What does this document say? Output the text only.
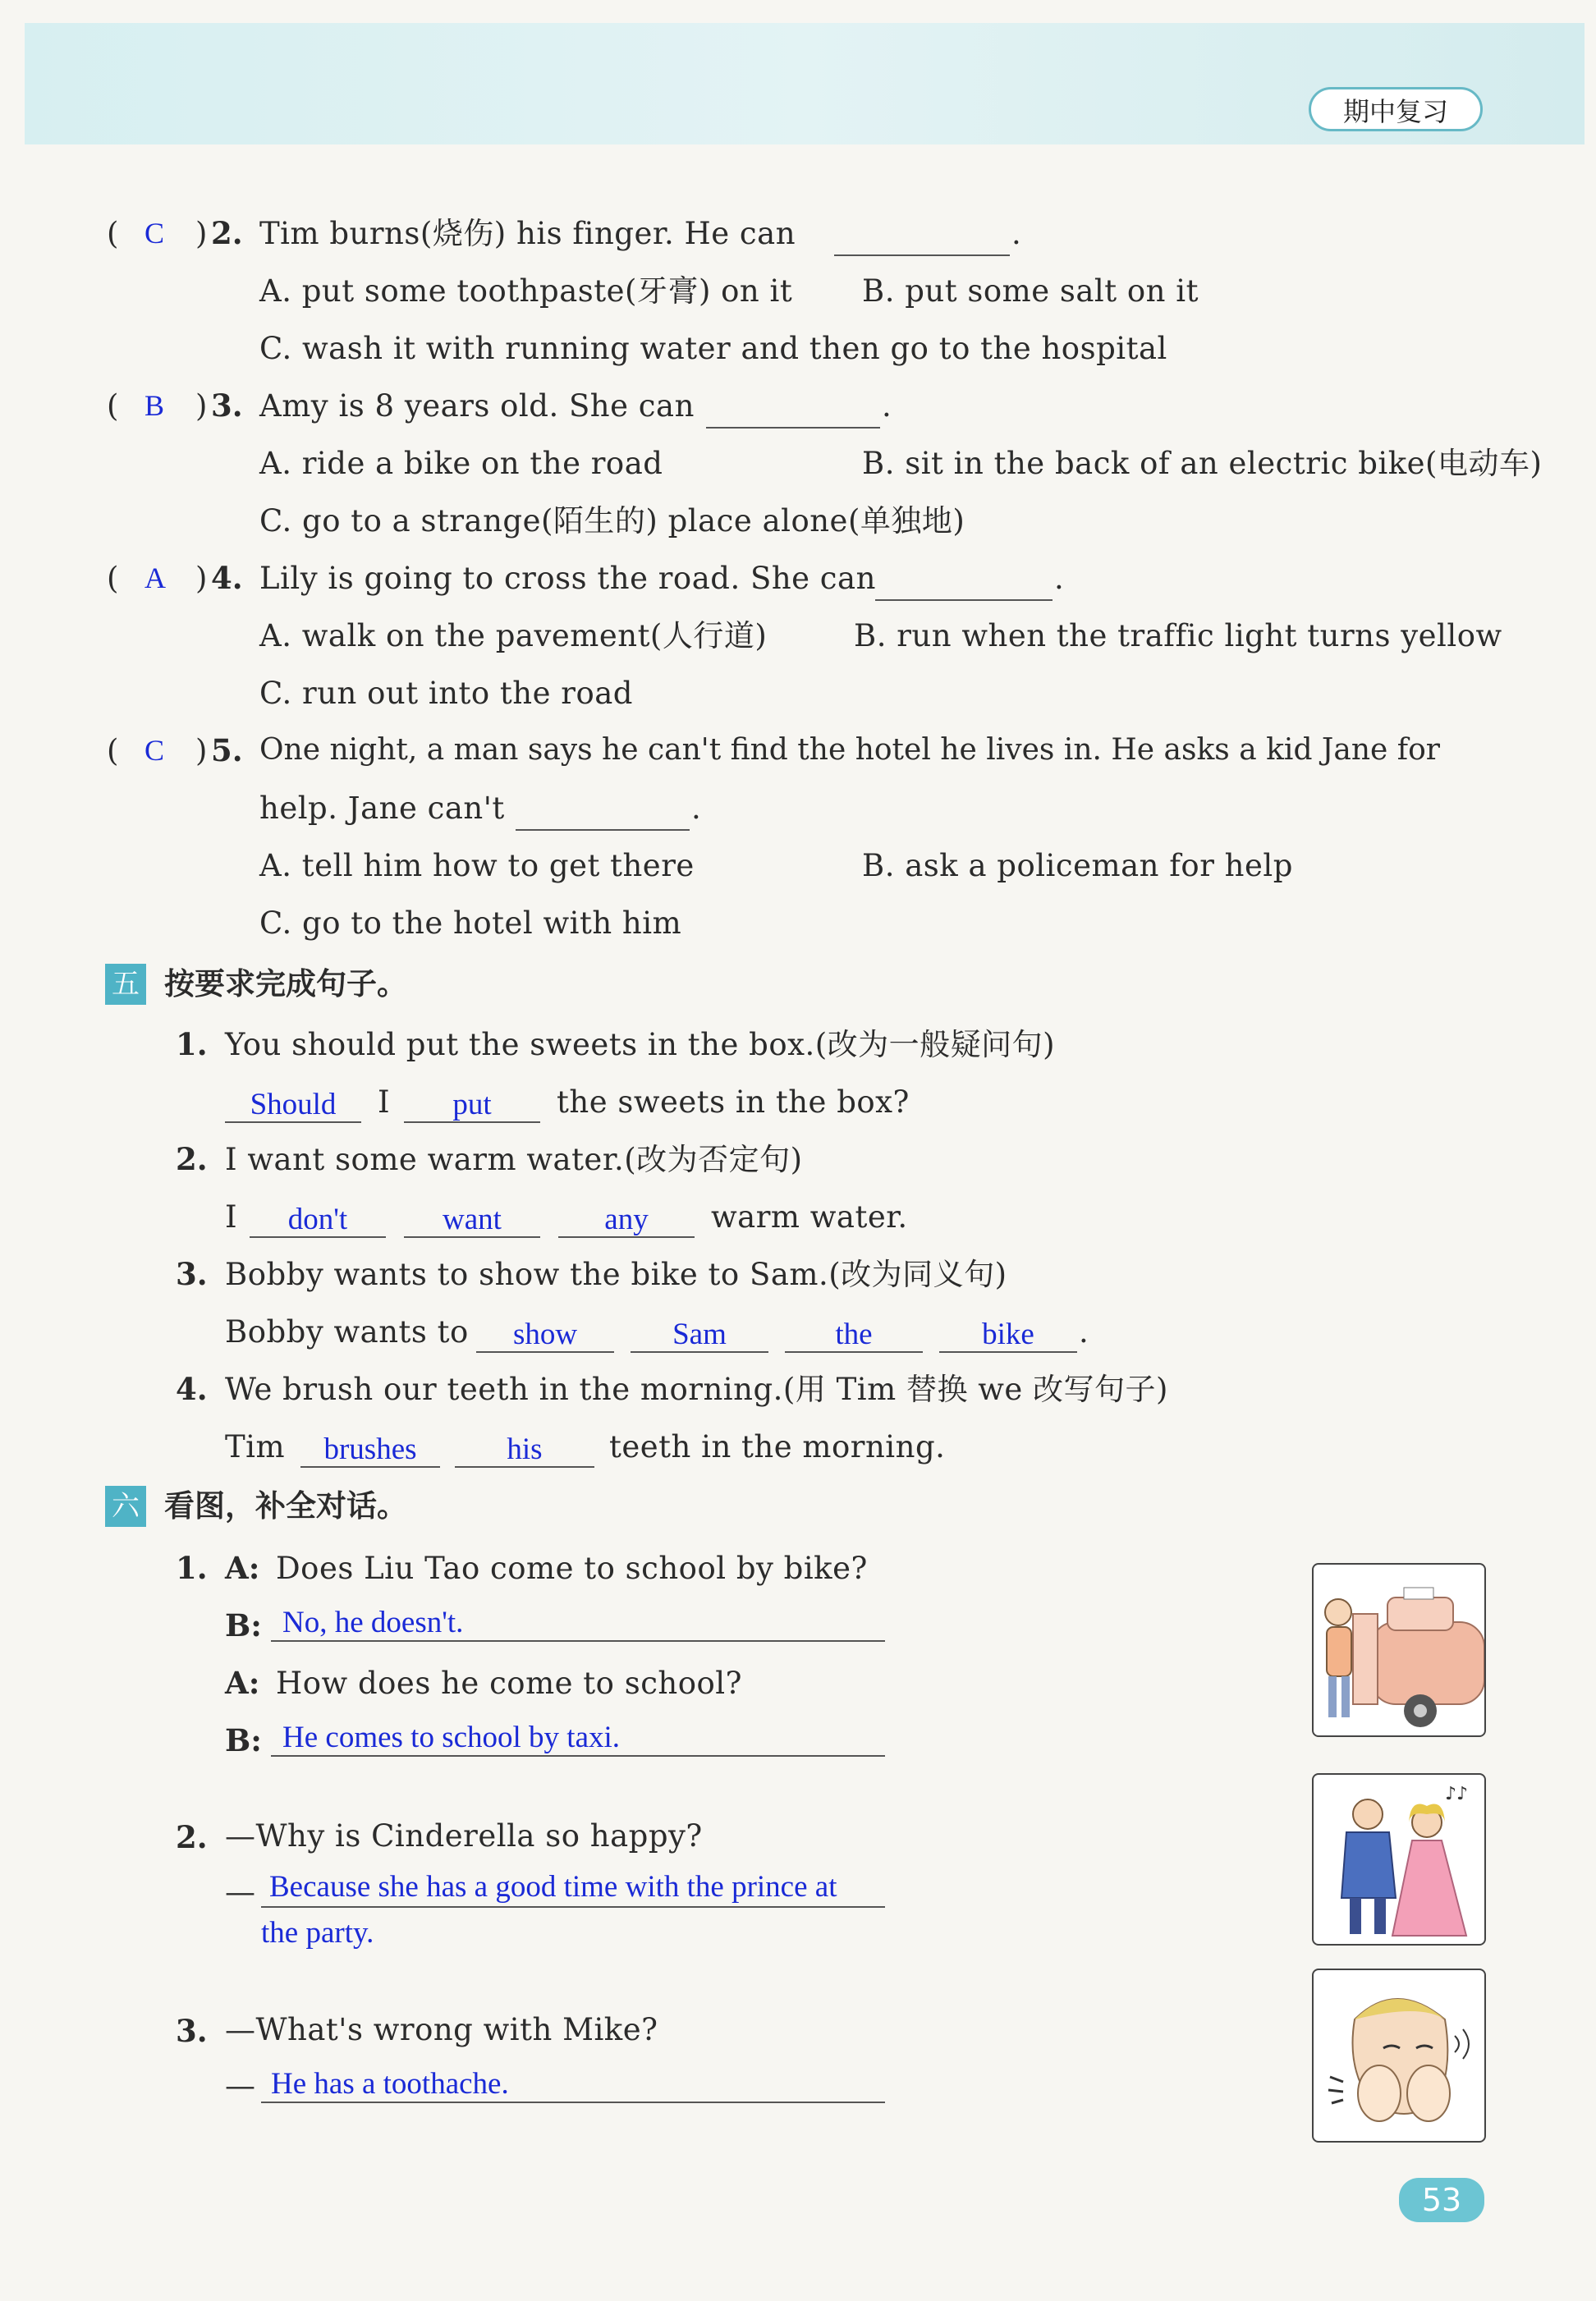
期中复习
( C ) 2. Tim burns(烧伤) his finger. He can	.
A. put some toothpaste(牙膏) on it B. put some salt on it
C. wash it with running water and then go to the hospital
( B ) 3. Amy is 8 years old. She can	.
A. ride a bike on the road	B. sit in the back of an electric bike(电动车)
C. go to a strange(陌生的) place alone(单独地)
( A ) 4. Lily is going to cross the road. She can	.
A. walk on the pavement(人行道)	B. run when the traffic light turns yellow
C. run out into the road
( C ) 5. One night, a man says he can't find the hotel he lives in. He asks a kid Jane for
help. Jane can't	.
A. tell him how to get there	B. ask a policeman for help
C. go to the hotel with him
五 按要求完成句子。
1. You should put the sweets in the box.(改为一般疑问句)
Should	I	put	the sweets in the box?
2. I want some warm water.(改为否定句)
I	don't	want	any	warm water.
3. Bobby wants to show the bike to Sam.(改为同义句)
Bobby wants to	show	Sam	the	bike	.
4. We brush our teeth in the morning.(用 Tim 替换 we 改写句子)
Tim	brushes	his	teeth in the morning.
六 看图，补全对话。
1. A: Does Liu Tao come to school by bike?
B: No, he doesn't.
A: How does he come to school?
B: He comes to school by taxi.
2. —Why is Cinderella so happy?
— Because she has a good time with the prince at
the party.
3. —What's wrong with Mike?
— He has a toothache.
♪♪
53
